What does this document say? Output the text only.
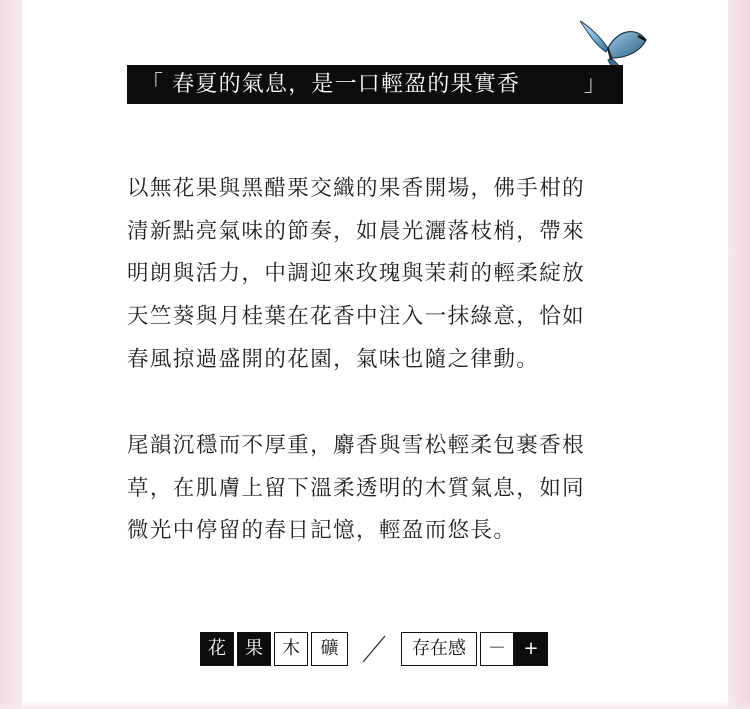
「 春夏的氣息，是一口輕盈的果實香	」

以無花果與黑醋栗交織的果香開場，佛手柑的

清新點亮氣味的節奏，如晨光灑落枝梢，帶來

明朗與活力，中調迎來玫瑰與茉莉的輕柔綻放

天竺葵與月桂葉在花香中注入一抹綠意，恰如

春風掠過盛開的花園，氣味也隨之律動。

尾韻沉穩而不厚重，麝香與雪松輕柔包裹香根

草，在肌膚上留下溫柔透明的木質氣息，如同

微光中停留的春日記憶，輕盈而悠長。

花	果	木	礦	存在感	－ +
